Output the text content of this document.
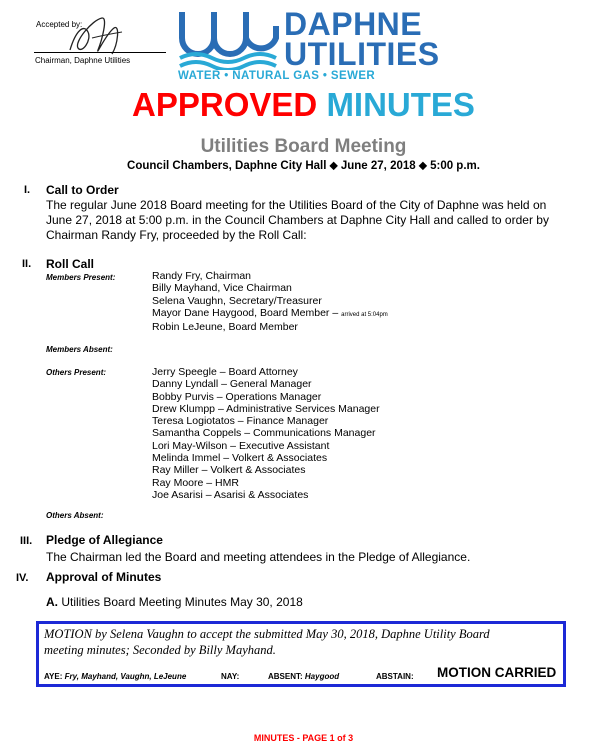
Accepted by:
Chairman, Daphne Utilities
DAPHNE
UTILITIES
WATER • NATURAL GAS • SEWER
APPROVED MINUTES
Utilities Board Meeting
Council Chambers, Daphne City Hall ⬥ June 27, 2018 ⬥ 5:00 p.m.
I. Call to Order
The regular June 2018 Board meeting for the Utilities Board of the City of Daphne was held on
June 27, 2018 at 5:00 p.m. in the Council Chambers at Daphne City Hall and called to order by
Chairman Randy Fry, proceeded by the Roll Call:
II. Roll Call
Members Present:	Randy Fry, Chairman
Billy Mayhand, Vice Chairman
Selena Vaughn, Secretary/Treasurer
Mayor Dane Haygood, Board Member – arrived at 5:04pm
Robin LeJeune, Board Member
Members Absent:
Others Present:	Jerry Speegle – Board Attorney
Danny Lyndall – General Manager
Bobby Purvis – Operations Manager
Drew Klumpp – Administrative Services Manager
Teresa Logiotatos – Finance Manager
Samantha Coppels – Communications Manager
Lori May-Wilson – Executive Assistant
Melinda Immel – Volkert & Associates
Ray Miller – Volkert & Associates
Ray Moore – HMR
Joe Asarisi – Asarisi & Associates
Others Absent:
III. Pledge of Allegiance
The Chairman led the Board and meeting attendees in the Pledge of Allegiance.
IV. Approval of Minutes
A. Utilities Board Meeting Minutes May 30, 2018
MOTION by Selena Vaughn to accept the submitted May 30, 2018, Daphne Utility Board
meeting minutes; Seconded by Billy Mayhand.
AYE: Fry, Mayhand, Vaughn, LeJeune	NAY:	ABSENT: Haygood	ABSTAIN: MOTION CARRIED
MINUTES - PAGE 1 of 3
